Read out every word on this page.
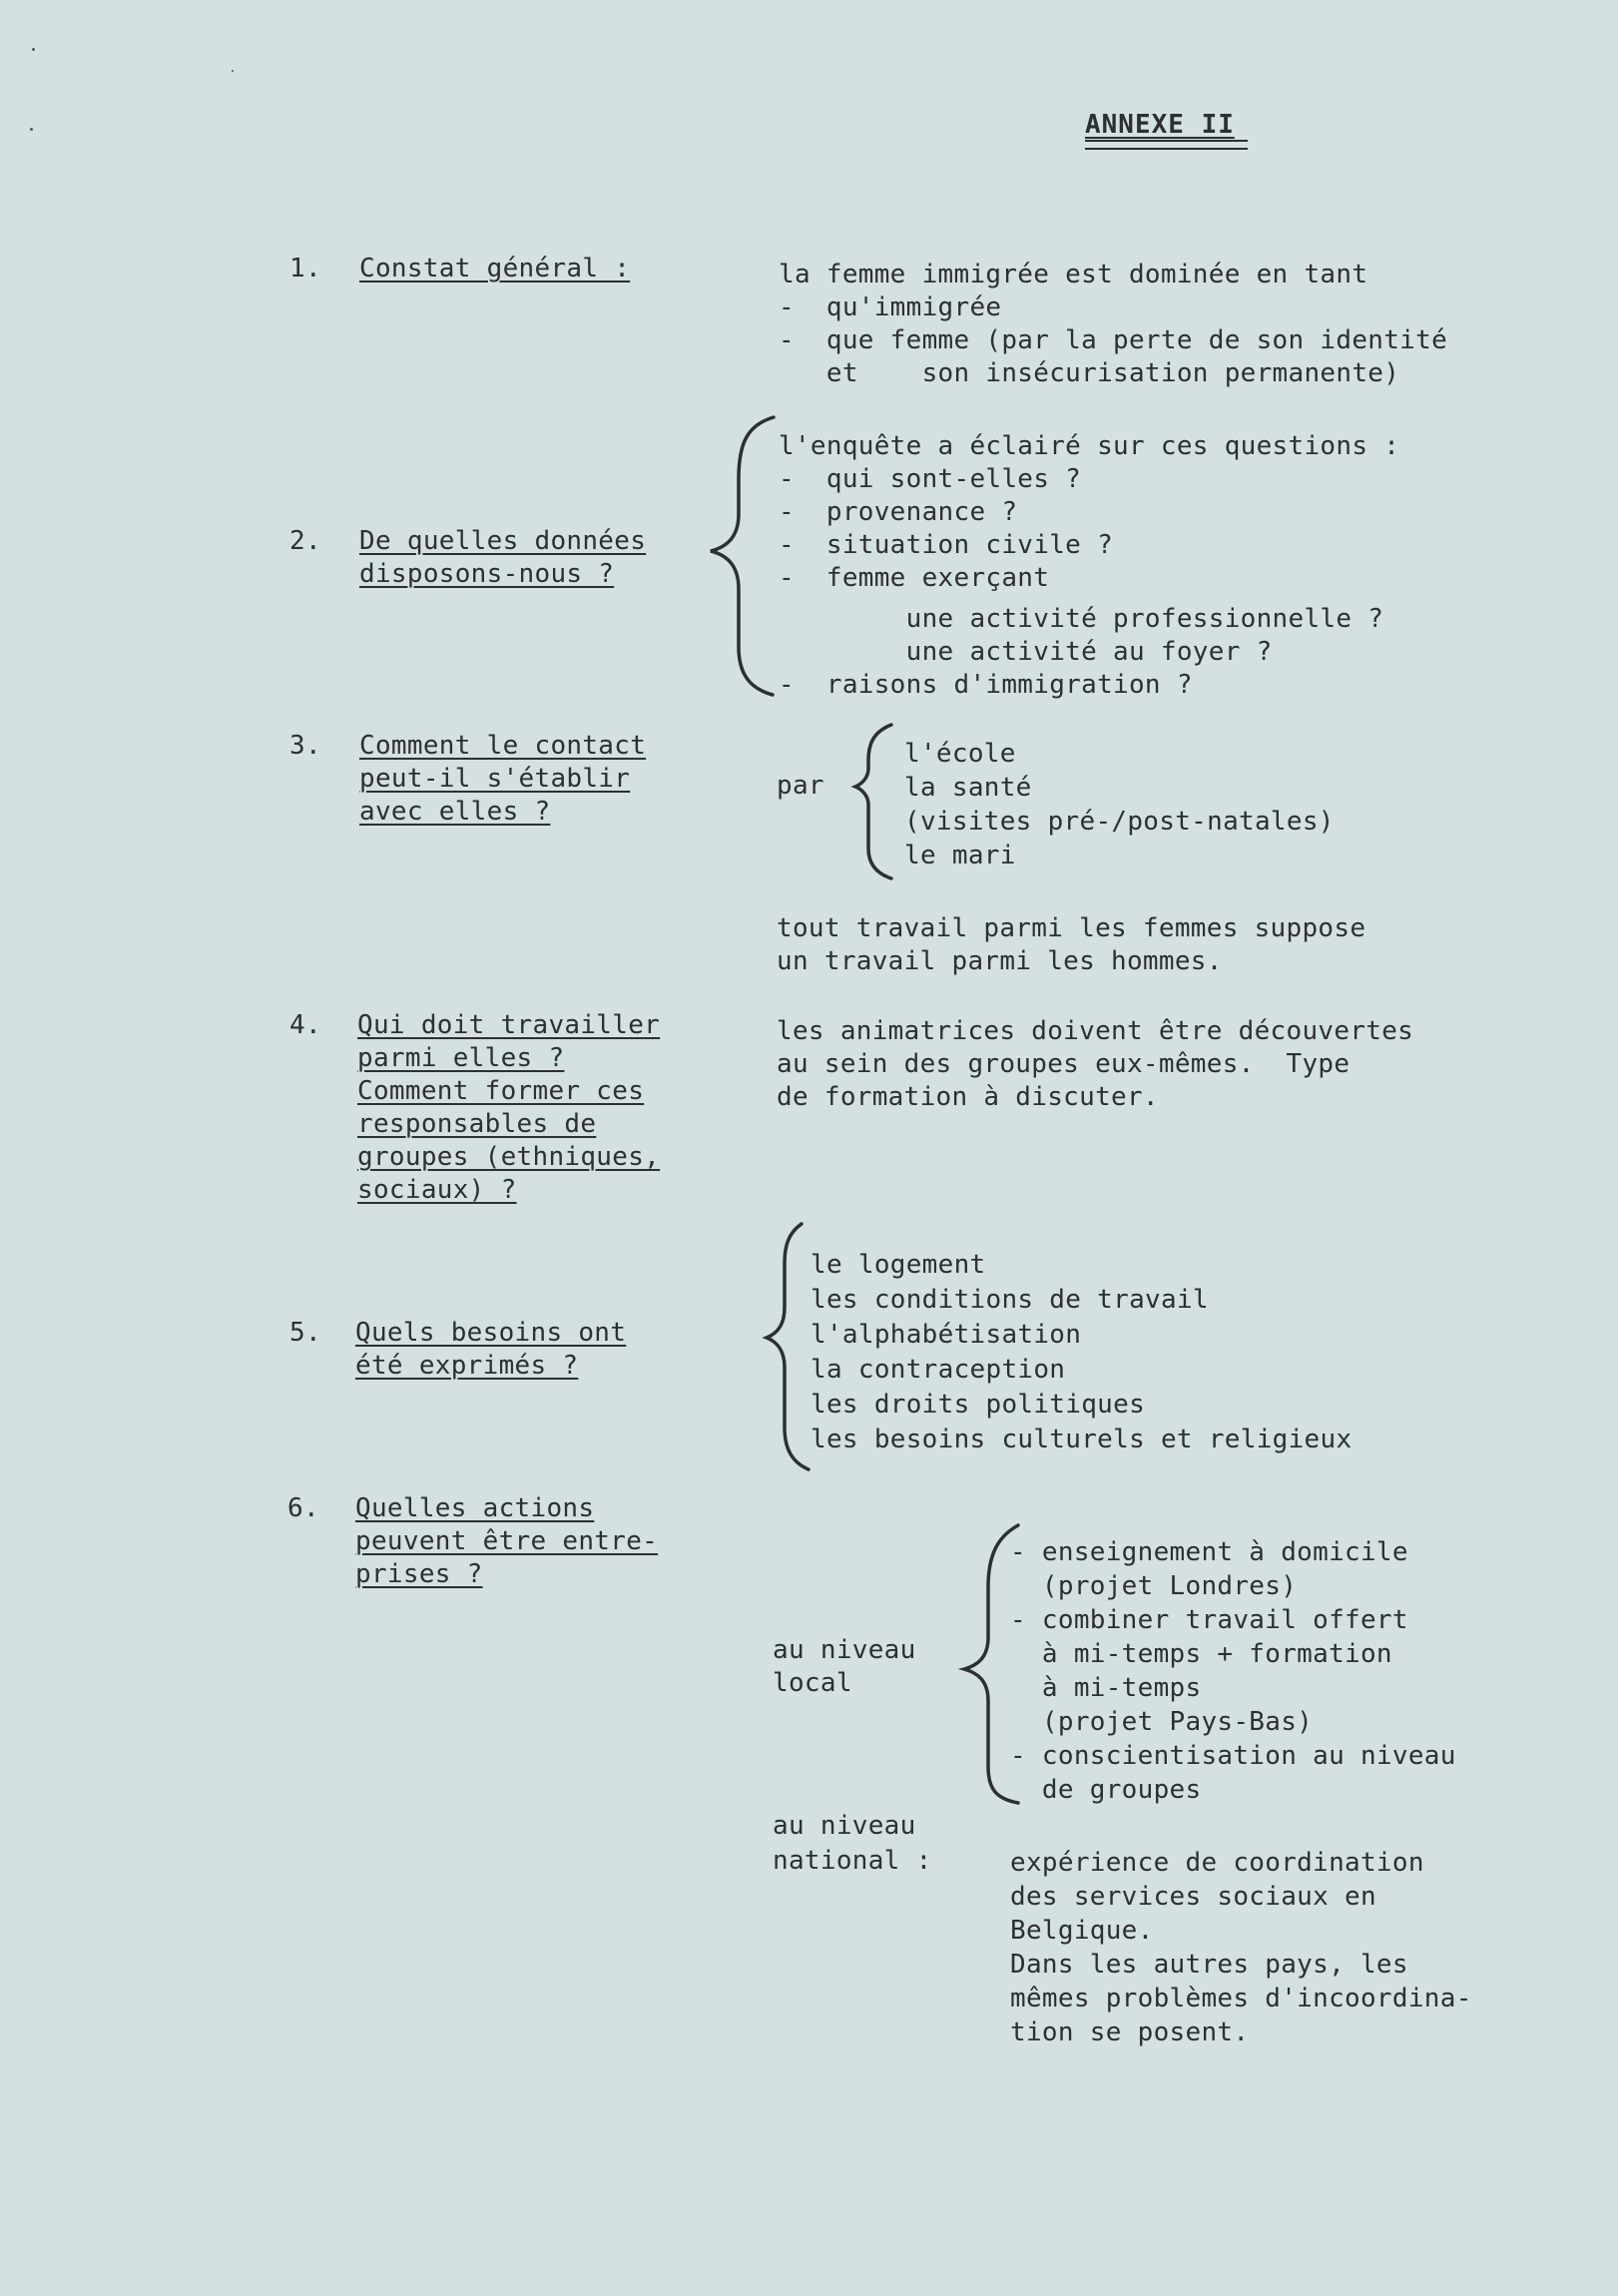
ANNEXE II
1. Constat général :	la femme immigrée est dominée en tant
-  qu'immigrée
-  que femme (par la perte de son identité
et    son insécurisation permanente)
2. De quelles données
disposons-nous ?
l'enquête a éclairé sur ces questions :
-  qui sont-elles ?
-  provenance ?
-  situation civile ?
-  femme exerçant
une activité professionnelle ?
une activité au foyer ?
-  raisons d'immigration ?
3. Comment le contact
peut-il s'établir
avec elles ?
par
l'école
la santé
(visites pré-/post-natales)
le mari
tout travail parmi les femmes suppose
un travail parmi les hommes.
4. Qui doit travailler
parmi elles ?
Comment former ces
responsables de
groupes (ethniques,
sociaux) ?
les animatrices doivent être découvertes
au sein des groupes eux-mêmes.  Type
de formation à discuter.
5. Quels besoins ont
été exprimés ?
le logement
les conditions de travail
l'alphabétisation
la contraception
les droits politiques
les besoins culturels et religieux
6. Quelles actions
peuvent être entre-
prises ?
au niveau
local
- enseignement à domicile
(projet Londres)
- combiner travail offert
à mi-temps + formation
à mi-temps
(projet Pays-Bas)
- conscientisation au niveau
de groupes
au niveau
national :	expérience de coordination
des services sociaux en
Belgique.
Dans les autres pays, les
mêmes problèmes d'incoordina-
tion se posent.
